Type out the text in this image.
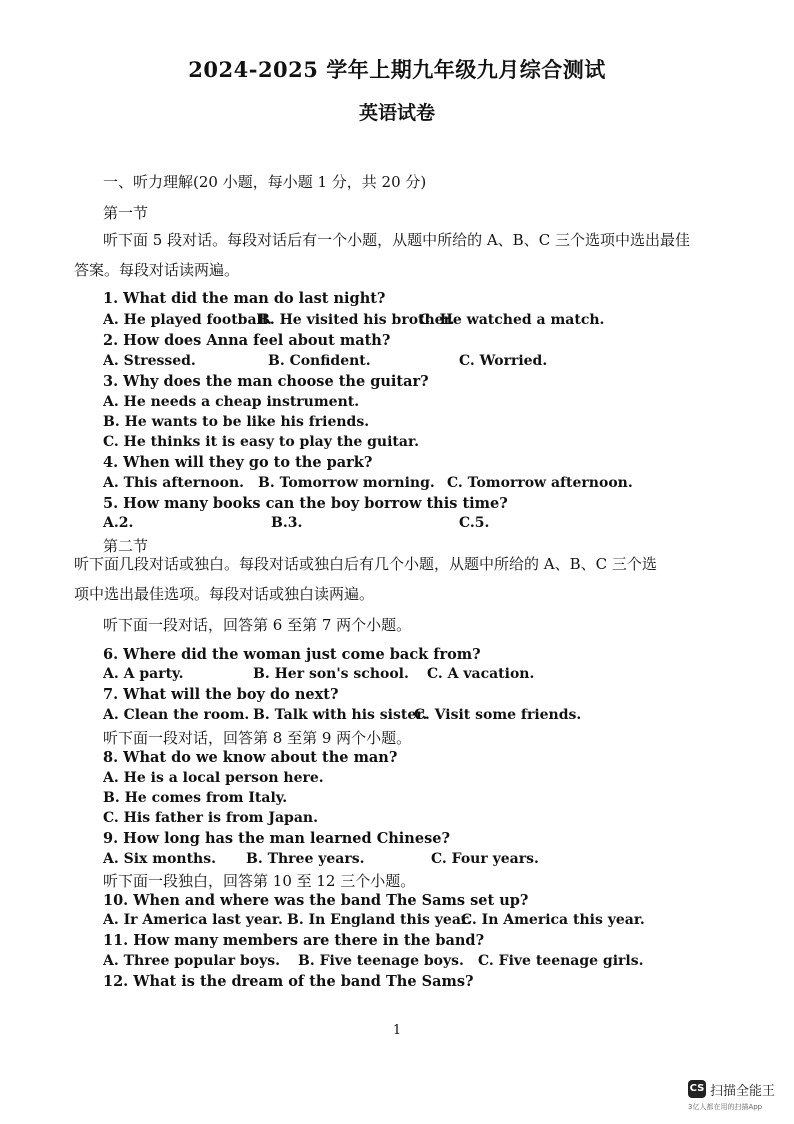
2024-2025 学年上期九年级九月综合测试
英语试卷
一、听力理解(20 小题，每小题 1 分，共 20 分)
第一节
听下面 5 段对话。每段对话后有一个小题，从题中所给的 A、B、C 三个选项中选出最佳
答案。每段对话读两遍。
1. What did the man do last night?
A. He played football.
B. He visited his brother.
C. He watched a match.
2. How does Anna feel about math?
A. Stressed.	B. Confident.	C. Worried.
3. Why does the man choose the guitar?
A. He needs a cheap instrument.
B. He wants to be like his friends.
C. He thinks it is easy to play the guitar.
4. When will they go to the park?
A. This afternoon. B. Tomorrow morning. C. Tomorrow afternoon.
5. How many books can the boy borrow this time?
A.2.	B.3.	C.5.
第二节
听下面几段对话或独白。每段对话或独白后有几个小题，从题中所给的 A、B、C 三个选
项中选出最佳选项。每段对话或独白读两遍。
听下面一段对话，回答第 6 至第 7 两个小题。
6. Where did the woman just come back from?
A. A party.	B. Her son's school. C. A vacation.
7. What will the boy do next?
A. Clean the room. B. Talk with his sister.
C. Visit some friends.
听下面一段对话，回答第 8 至第 9 两个小题。
8. What do we know about the man?
A. He is a local person here.
B. He comes from Italy.
C. His father is from Japan.
9. How long has the man learned Chinese?
A. Six months. B. Three years.	C. Four years.
听下面一段独白，回答第 10 至 12 三个小题。
10. When and where was the band The Sams set up?
A. Ir America last year. B. In England this year.
C. In America this year.
11. How many members are there in the band?
A. Three popular boys. B. Five teenage boys. C. Five teenage girls.
12. What is the dream of the band The Sams?
1
CS 扫描全能王
3亿人都在用的扫描App
